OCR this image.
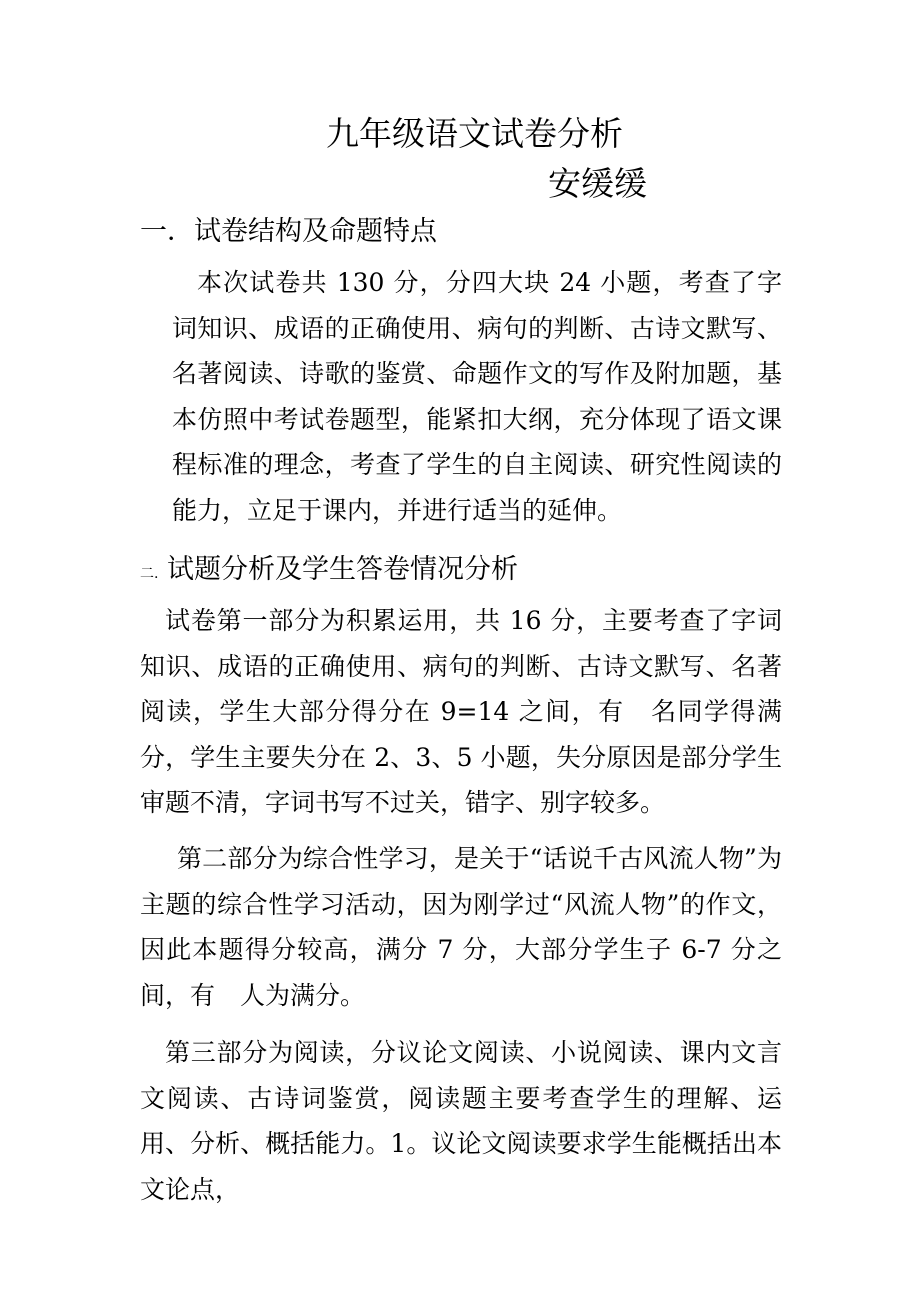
九年级语文试卷分析
安缓缓
一．试卷结构及命题特点

本次试卷共 130 分，分四大块 24 小题，考查了字词知识、成语的正确使用、病句的判断、古诗文默写、名著阅读、诗歌的鉴赏、命题作文的写作及附加题，基本仿照中考试卷题型，能紧扣大纲，充分体现了语文课程标准的理念，考查了学生的自主阅读、研究性阅读的能力，立足于课内，并进行适当的延伸。

二. 试题分析及学生答卷情况分析

试卷第一部分为积累运用，共 16 分，主要考查了字词知识、成语的正确使用、病句的判断、古诗文默写、名著阅读，学生大部分得分在 9=14 之间，有　名同学得满分，学生主要失分在 2、3、5 小题，失分原因是部分学生审题不清，字词书写不过关，错字、别字较多。

第二部分为综合性学习，是关于“话说千古风流人物”为主题的综合性学习活动，因为刚学过“风流人物”的作文，因此本题得分较高，满分 7 分，大部分学生子 6-7 分之间，有　人为满分。

第三部分为阅读，分议论文阅读、小说阅读、课内文言文阅读、古诗词鉴赏，阅读题主要考查学生的理解、运用、分析、概括能力。1。议论文阅读要求学生能概括出本文论点，
